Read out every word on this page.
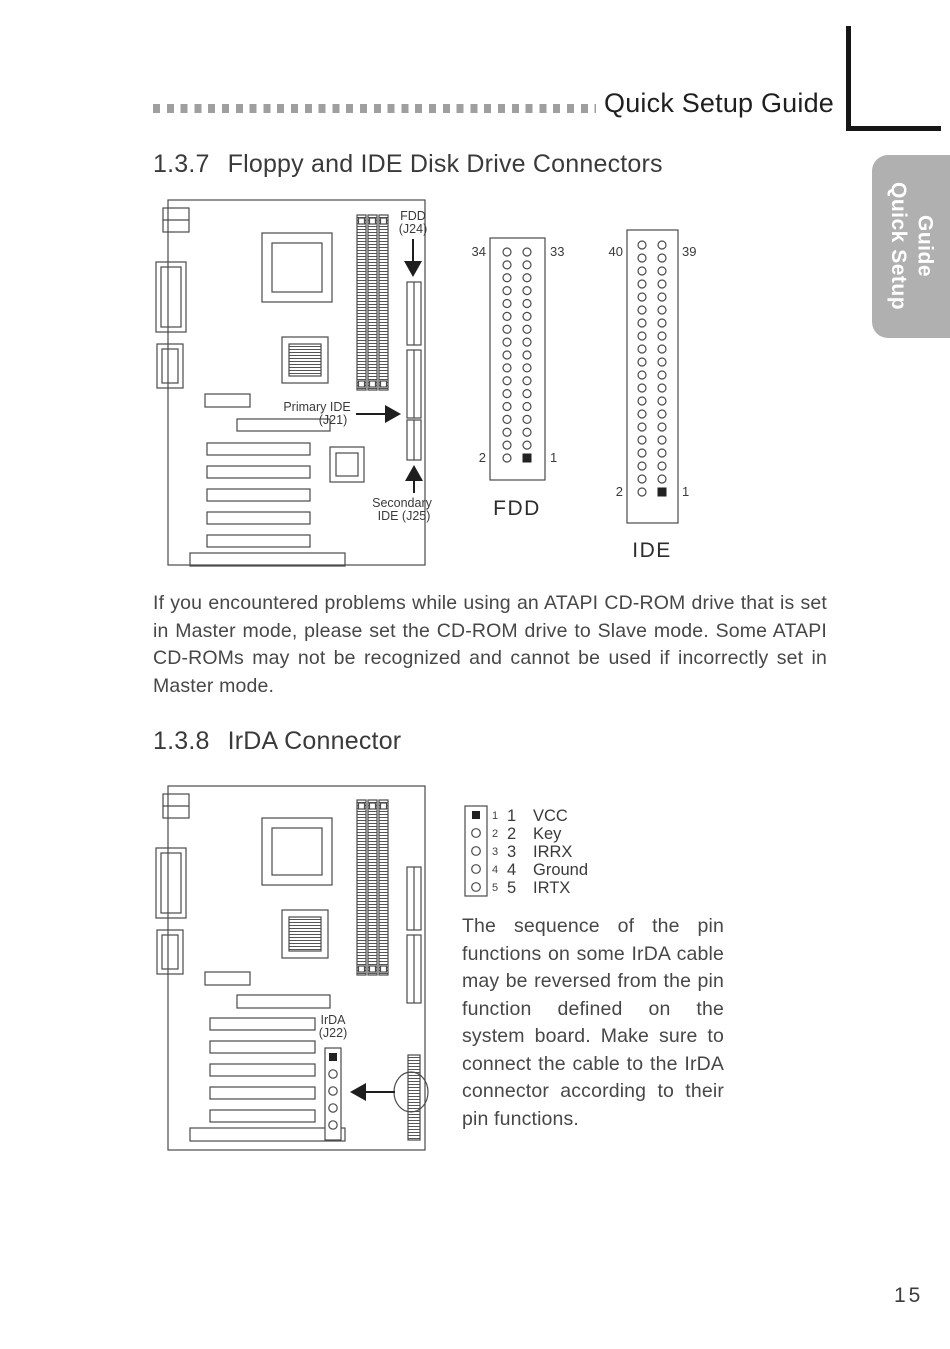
Quick Setup Guide
Quick Setup Guide
1.3.7 Floppy and IDE Disk Drive Connectors
FDD
(J24)
Primary IDE
(J21)
Secondary
IDE (J25)
34	33
2	1
FDD
40	39
2	1
IDE
If you encountered problems while using an ATAPI CD-ROM drive that is set in Master mode, please set the CD-ROM drive to Slave mode. Some ATAPI CD-ROMs may not be recognized and cannot be used if incorrectly set in Master mode.
1.3.8 IrDA Connector
IrDA
(J22)
1
2
3
4
5
1 VCC
2 Key
3 IRRX
4 Ground
5 IRTX
The sequence of the pin functions on some IrDA cable may be reversed from the pin function defined on the system board. Make sure to connect the cable to the IrDA connector according to their pin functions.
15
